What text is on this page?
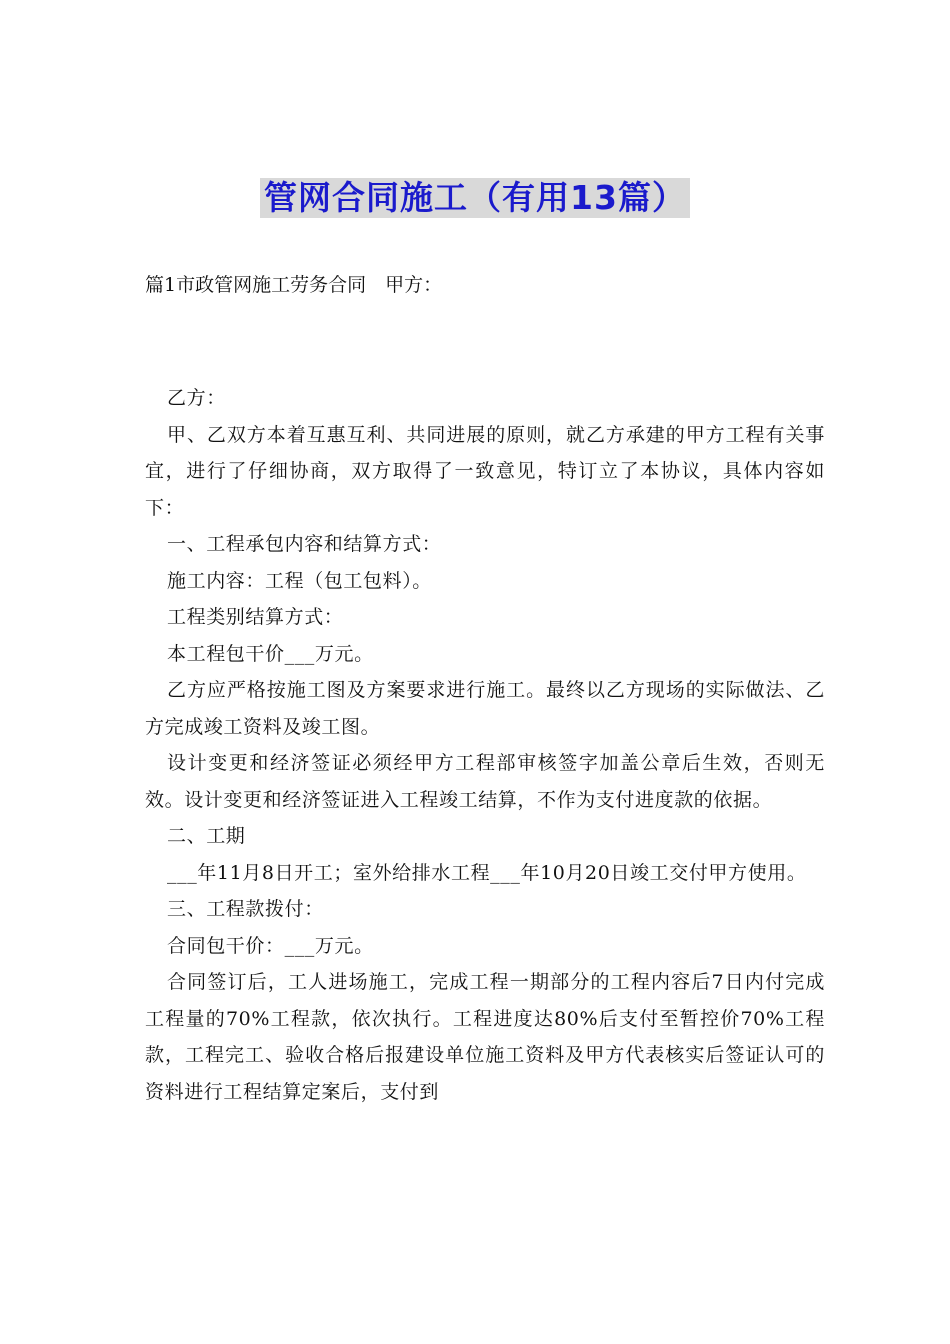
管网合同施工（有用13篇）
篇1市政管网施工劳务合同　甲方：

乙方：

甲、乙双方本着互惠互利、共同进展的原则，就乙方承建的甲方工程有关事宜，进行了仔细协商，双方取得了一致意见，特订立了本协议，具体内容如下：

一、工程承包内容和结算方式：

施工内容：工程（包工包料）。

工程类别结算方式：

本工程包干价___万元。

乙方应严格按施工图及方案要求进行施工。最终以乙方现场的实际做法、乙方完成竣工资料及竣工图。

设计变更和经济签证必须经甲方工程部审核签字加盖公章后生效，否则无效。设计变更和经济签证进入工程竣工结算，不作为支付进度款的依据。

二、工期

___年11月8日开工；室外给排水工程___年10月20日竣工交付甲方使用。

三、工程款拨付：

合同包干价：___万元。

合同签订后，工人进场施工，完成工程一期部分的工程内容后7日内付完成工程量的70%工程款，依次执行。工程进度达80%后支付至暂控价70%工程款，工程完工、验收合格后报建设单位施工资料及甲方代表核实后签证认可的资料进行工程结算定案后，支付到
